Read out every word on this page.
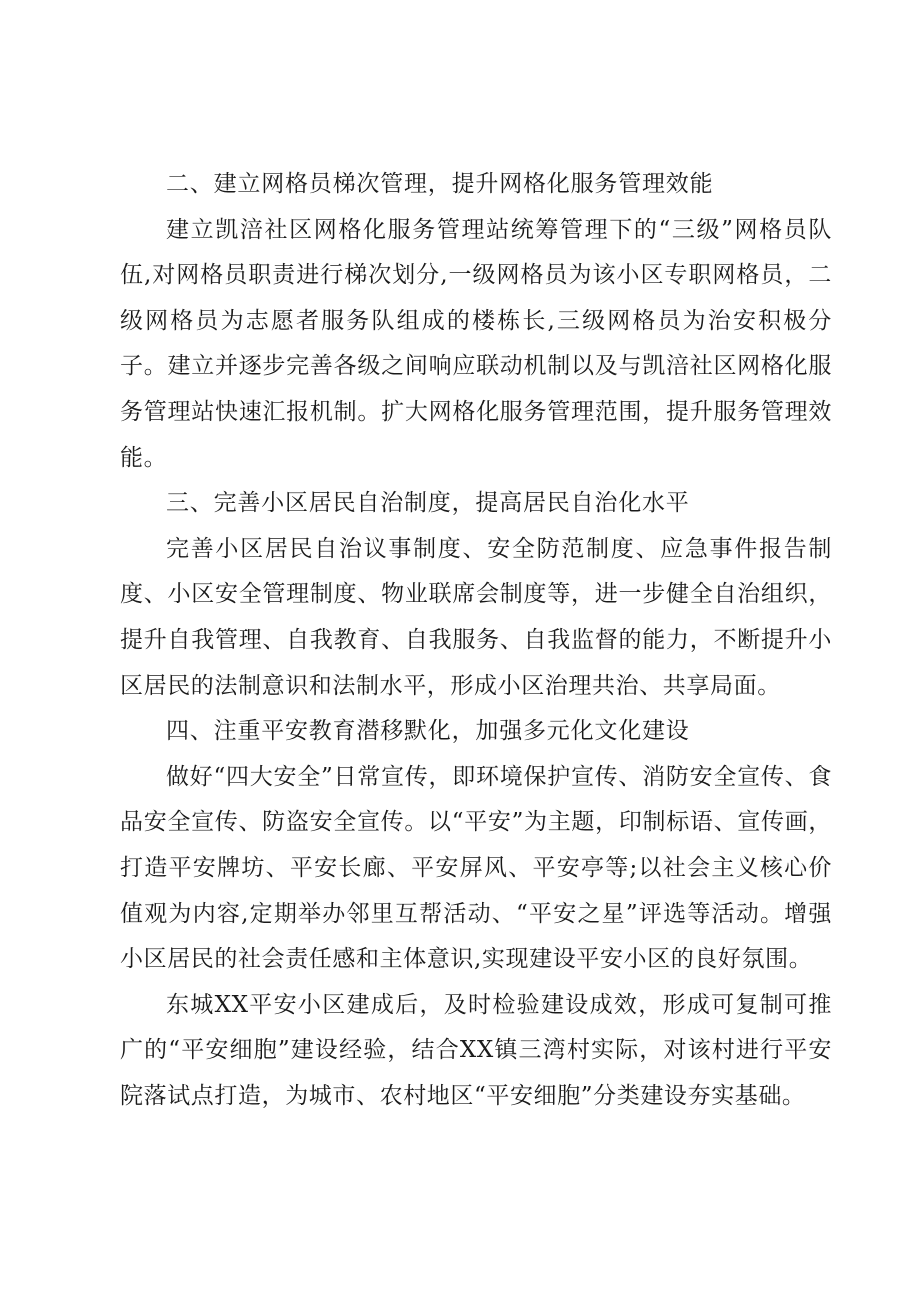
二、建立网格员梯次管理，提升网格化服务管理效能

建立凯涪社区网格化服务管理站统筹管理下的“三级”网格员队伍,对网格员职责进行梯次划分,一级网格员为该小区专职网格员，二级网格员为志愿者服务队组成的楼栋长,三级网格员为治安积极分子。建立并逐步完善各级之间响应联动机制以及与凯涪社区网格化服务管理站快速汇报机制。扩大网格化服务管理范围，提升服务管理效能。

三、完善小区居民自治制度，提高居民自治化水平

完善小区居民自治议事制度、安全防范制度、应急事件报告制度、小区安全管理制度、物业联席会制度等，进一步健全自治组织，提升自我管理、自我教育、自我服务、自我监督的能力，不断提升小区居民的法制意识和法制水平，形成小区治理共治、共享局面。

四、注重平安教育潜移默化，加强多元化文化建设

做好“四大安全”日常宣传，即环境保护宣传、消防安全宣传、食品安全宣传、防盗安全宣传。以“平安”为主题，印制标语、宣传画，打造平安牌坊、平安长廊、平安屏风、平安亭等;以社会主义核心价值观为内容,定期举办邻里互帮活动、“平安之星”评选等活动。增强小区居民的社会责任感和主体意识,实现建设平安小区的良好氛围。

东城XX平安小区建成后，及时检验建设成效，形成可复制可推广的“平安细胞”建设经验，结合XX镇三湾村实际，对该村进行平安院落试点打造，为城市、农村地区“平安细胞”分类建设夯实基础。
